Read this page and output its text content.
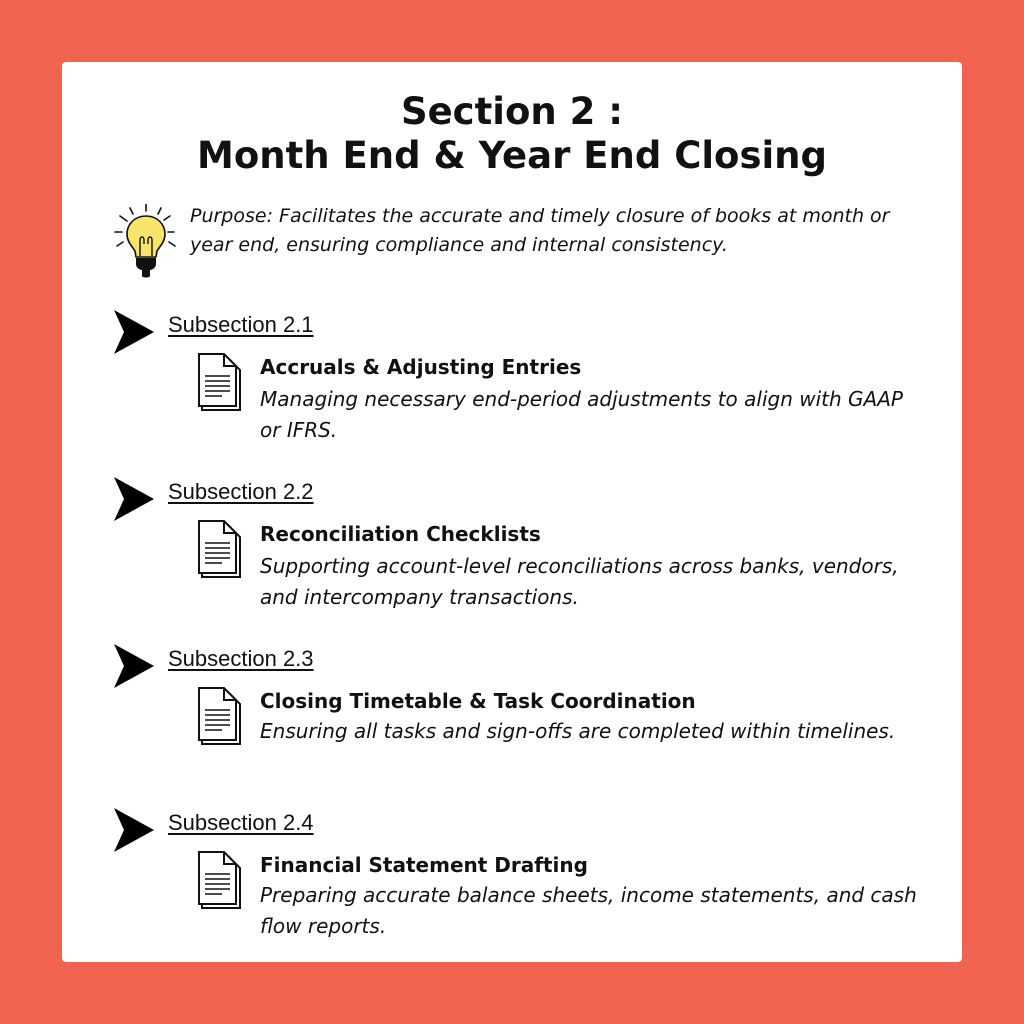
Section 2 :
Month End & Year End Closing
Purpose: Facilitates the accurate and timely closure of books at month or year end, ensuring compliance and internal consistency.
Subsection 2.1
Accruals & Adjusting Entries
Managing necessary end-period adjustments to align with GAAP or IFRS.
Subsection 2.2
Reconciliation Checklists
Supporting account-level reconciliations across banks, vendors, and intercompany transactions.
Subsection 2.3
Closing Timetable & Task Coordination
Ensuring all tasks and sign-offs are completed within timelines.
Subsection 2.4
Financial Statement Drafting
Preparing accurate balance sheets, income statements, and cash flow reports.
